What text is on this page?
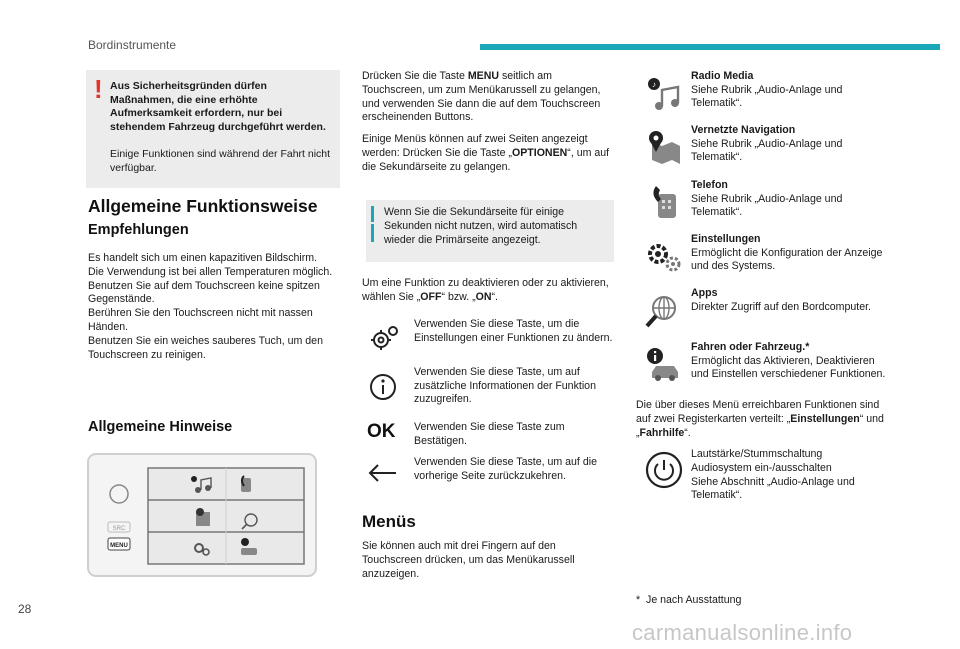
Bordinstrumente
! Aus Sicherheitsgründen dürfen Maßnahmen, die eine erhöhte Aufmerksamkeit erfordern, nur bei stehendem Fahrzeug durchgeführt werden.
Einige Funktionen sind während der Fahrt nicht verfügbar.
Allgemeine Funktionsweise
Empfehlungen
Es handelt sich um einen kapazitiven Bildschirm.
Die Verwendung ist bei allen Temperaturen möglich.
Benutzen Sie auf dem Touchscreen keine spitzen Gegenstände.
Berühren Sie den Touchscreen nicht mit nassen Händen.
Benutzen Sie ein weiches sauberes Tuch, um den Touchscreen zu reinigen.
Allgemeine Hinweise
SRC
MENU
Drücken Sie die Taste MENU seitlich am Touchscreen, um zum Menükarussell zu gelangen, und verwenden Sie dann die auf dem Touchscreen erscheinenden Buttons.
Einige Menüs können auf zwei Seiten angezeigt werden: Drücken Sie die Taste „OPTIONEN“, um auf die Sekundärseite zu gelangen.
Wenn Sie die Sekundärseite für einige Sekunden nicht nutzen, wird automatisch wieder die Primärseite angezeigt.
Um eine Funktion zu deaktivieren oder zu aktivieren, wählen Sie „OFF“ bzw. „ON“.
Verwenden Sie diese Taste, um die Einstellungen einer Funktionen zu ändern.
Verwenden Sie diese Taste, um auf zusätzliche Informationen der Funktion zuzugreifen.
OK Verwenden Sie diese Taste zum Bestätigen.
Verwenden Sie diese Taste, um auf die vorherige Seite zurückzukehren.
Menüs
Sie können auch mit drei Fingern auf den Touchscreen drücken, um das Menükarussell anzuzeigen.
♪
Radio Media
Siehe Rubrik „Audio-Anlage und Telematik“.
Vernetzte Navigation
Siehe Rubrik „Audio-Anlage und Telematik“.
Telefon
Siehe Rubrik „Audio-Anlage und Telematik“.
Einstellungen
Ermöglicht die Konfiguration der Anzeige und des Systems.
Apps
Direkter Zugriff auf den Bordcomputer.
Fahren oder Fahrzeug.*
Ermöglicht das Aktivieren, Deaktivieren und Einstellen verschiedener Funktionen.
Die über dieses Menü erreichbaren Funktionen sind auf zwei Registerkarten verteilt: „Einstellungen“ und „Fahrhilfe“.
Lautstärke/Stummschaltung
Audiosystem ein-/ausschalten
Siehe Abschnitt „Audio-Anlage und Telematik“.
* Je nach Ausstattung
28
carmanualsonline.info
